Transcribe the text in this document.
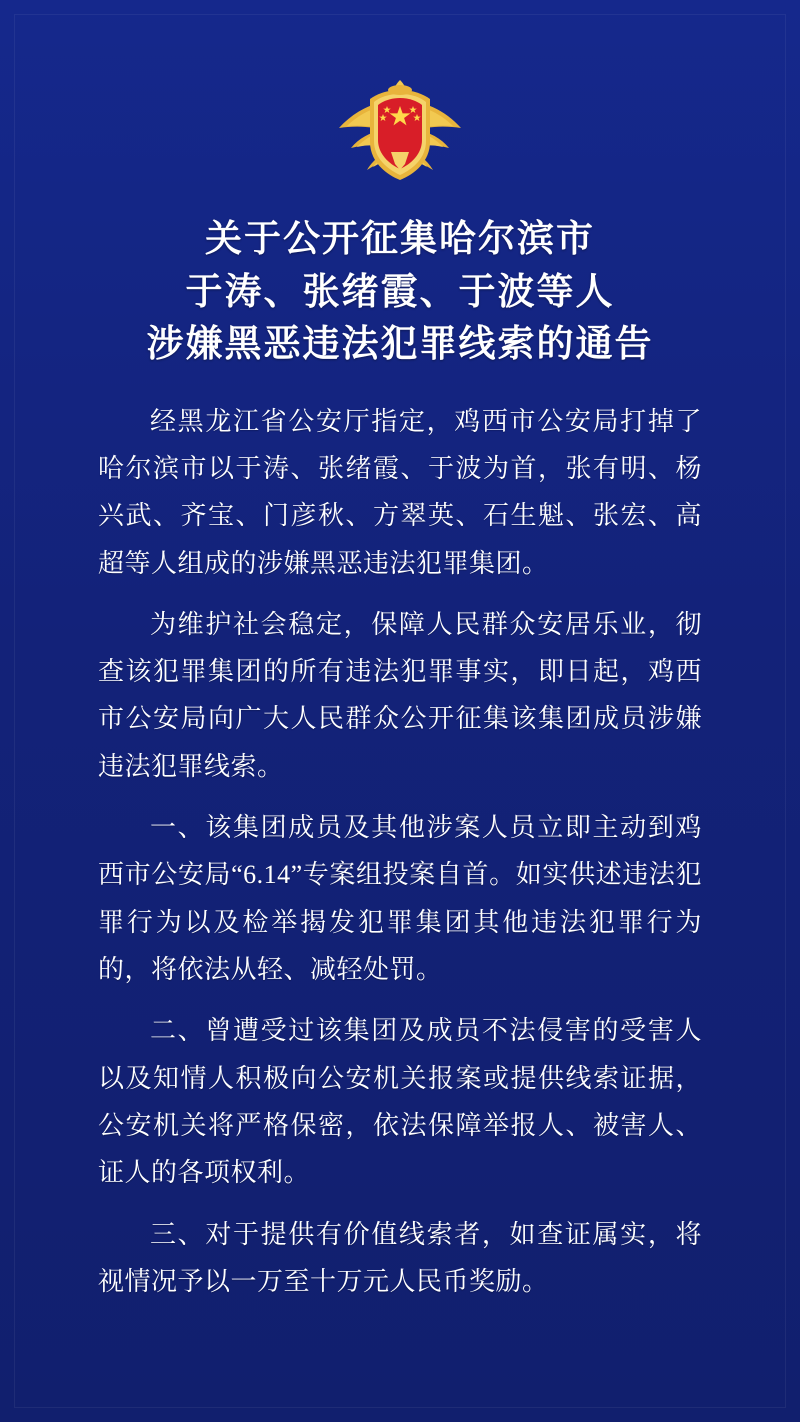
关于公开征集哈尔滨市
于涛、张绪霞、于波等人
涉嫌黑恶违法犯罪线索的通告

经黑龙江省公安厅指定，鸡西市公安局打掉了哈尔滨市以于涛、张绪霞、于波为首，张有明、杨兴武、齐宝、门彦秋、方翠英、石生魁、张宏、高超等人组成的涉嫌黑恶违法犯罪集团。

为维护社会稳定，保障人民群众安居乐业，彻查该犯罪集团的所有违法犯罪事实，即日起，鸡西市公安局向广大人民群众公开征集该集团成员涉嫌违法犯罪线索。

一、该集团成员及其他涉案人员立即主动到鸡西市公安局“6.14”专案组投案自首。如实供述违法犯罪行为以及检举揭发犯罪集团其他违法犯罪行为的，将依法从轻、减轻处罚。

二、曾遭受过该集团及成员不法侵害的受害人以及知情人积极向公安机关报案或提供线索证据，公安机关将严格保密，依法保障举报人、被害人、证人的各项权利。

三、对于提供有价值线索者，如查证属实，将视情况予以一万至十万元人民币奖励。
